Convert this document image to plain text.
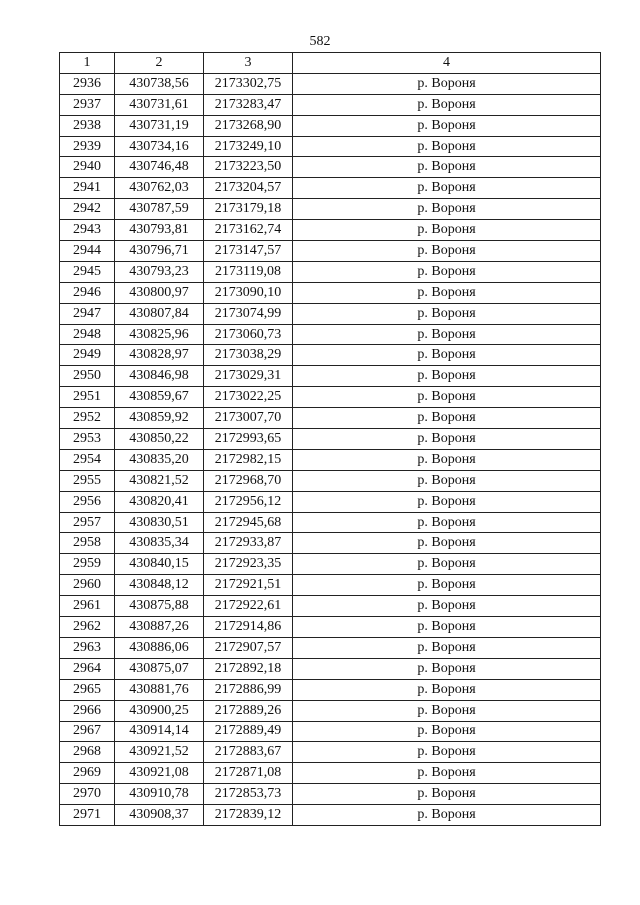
582
1	2	3	4
2936	430738,56	2173302,75	р. Вороня
2937	430731,61	2173283,47	р. Вороня
2938	430731,19	2173268,90	р. Вороня
2939	430734,16	2173249,10	р. Вороня
2940	430746,48	2173223,50	р. Вороня
2941	430762,03	2173204,57	р. Вороня
2942	430787,59	2173179,18	р. Вороня
2943	430793,81	2173162,74	р. Вороня
2944	430796,71	2173147,57	р. Вороня
2945	430793,23	2173119,08	р. Вороня
2946	430800,97	2173090,10	р. Вороня
2947	430807,84	2173074,99	р. Вороня
2948	430825,96	2173060,73	р. Вороня
2949	430828,97	2173038,29	р. Вороня
2950	430846,98	2173029,31	р. Вороня
2951	430859,67	2173022,25	р. Вороня
2952	430859,92	2173007,70	р. Вороня
2953	430850,22	2172993,65	р. Вороня
2954	430835,20	2172982,15	р. Вороня
2955	430821,52	2172968,70	р. Вороня
2956	430820,41	2172956,12	р. Вороня
2957	430830,51	2172945,68	р. Вороня
2958	430835,34	2172933,87	р. Вороня
2959	430840,15	2172923,35	р. Вороня
2960	430848,12	2172921,51	р. Вороня
2961	430875,88	2172922,61	р. Вороня
2962	430887,26	2172914,86	р. Вороня
2963	430886,06	2172907,57	р. Вороня
2964	430875,07	2172892,18	р. Вороня
2965	430881,76	2172886,99	р. Вороня
2966	430900,25	2172889,26	р. Вороня
2967	430914,14	2172889,49	р. Вороня
2968	430921,52	2172883,67	р. Вороня
2969	430921,08	2172871,08	р. Вороня
2970	430910,78	2172853,73	р. Вороня
2971	430908,37	2172839,12	р. Вороня
